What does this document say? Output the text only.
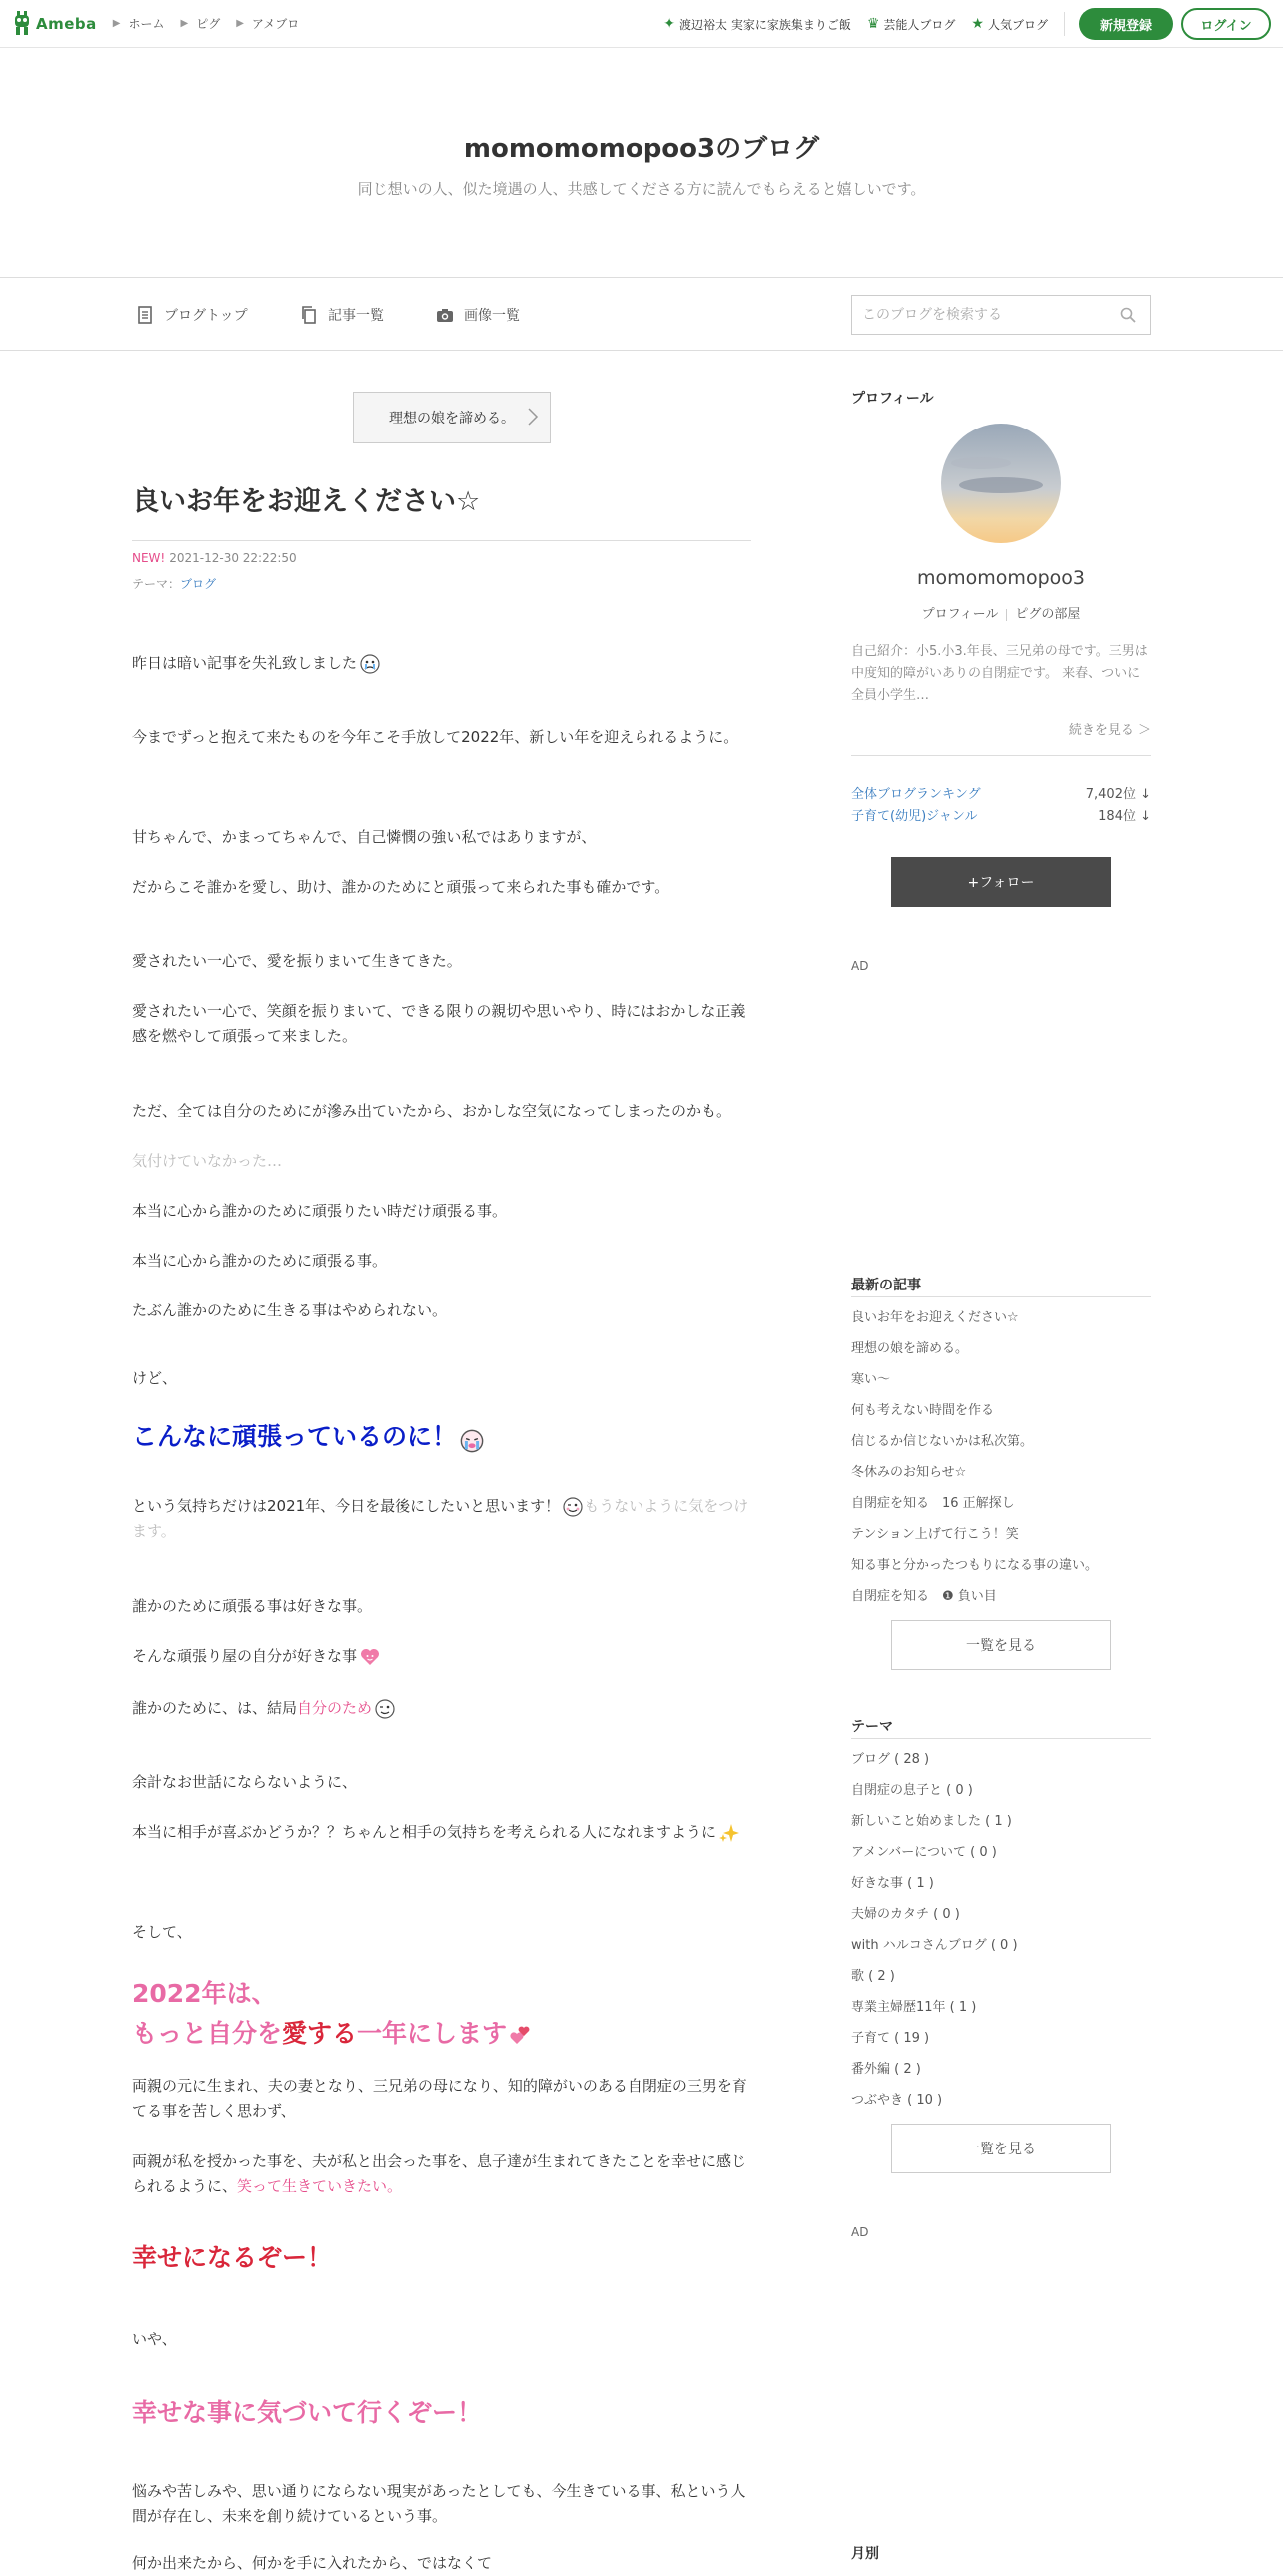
Ameba ▶ ホーム ▶ ピグ ▶ アメブロ	✦ 渡辺裕太 実家に家族集まりご飯 ♛ 芸能人ブログ ★ 人気ブログ	新規登録	ログイン
momomomopoo3のブログ
同じ想いの人、似た境遇の人、共感してくださる方に読んでもらえると嬉しいです。
ブログトップ	記事一覧	画像一覧
このブログを検索する
理想の娘を諦める。
良いお年をお迎えください☆
NEW! 2021-12-30 22:22:50
テーマ：ブログ
昨日は暗い記事を失礼致しました
今までずっと抱えて来たものを今年こそ手放して2022年、新しい年を迎えられるように。
甘ちゃんで、かまってちゃんで、自己憐憫の強い私ではありますが、
だからこそ誰かを愛し、助け、誰かのためにと頑張って来られた事も確かです。
愛されたい一心で、愛を振りまいて生きてきた。
愛されたい一心で、笑顔を振りまいて、できる限りの親切や思いやり、時にはおかしな正義感を燃やして頑張って来ました。
ただ、全ては自分のためにが滲み出ていたから、おかしな空気になってしまったのかも。
気付けていなかった…
本当に心から誰かのために頑張りたい時だけ頑張る事。
本当に心から誰かのために頑張る事。
たぶん誰かのために生きる事はやめられない。
けど、
こんなに頑張っているのに！
という気持ちだけは2021年、今日を最後にしたいと思います！ もうないように気をつけます。
誰かのために頑張る事は好きな事。
そんな頑張り屋の自分が好きな事
誰かのために、は、結局自分のため
余計なお世話にならないように、
本当に相手が喜ぶかどうか？？ちゃんと相手の気持ちを考えられる人になれますように
そして、
2022年は、
もっと自分を愛する一年にします
両親の元に生まれ、夫の妻となり、三兄弟の母になり、知的障がいのある自閉症の三男を育てる事を苦しく思わず、
両親が私を授かった事を、夫が私と出会った事を、息子達が生まれてきたことを幸せに感じられるように、笑って生きていきたい。
幸せになるぞー！
いや、
幸せな事に気づいて行くぞー！
悩みや苦しみや、思い通りにならない現実があったとしても、今生きている事、私という人間が存在し、未来を創り続けているという事。
何か出来たから、何かを手に入れたから、ではなくて
プロフィール
momomomopoo3
プロフィール ピグの部屋
自己紹介：小5.小3.年長、三兄弟の母です。三男は中度知的障がいありの自閉症です。 来春、ついに全員小学生…
続きを見る ＞
全体ブログランキング	7,402位 ↓
子育て(幼児)ジャンル	184位 ↓
+フォロー
AD
最新の記事
良いお年をお迎えください☆
理想の娘を諦める。
寒い〜
何も考えない時間を作る
信じるか信じないかは私次第。
冬休みのお知らせ☆
自閉症を知る　16 正解探し
テンション上げて行こう！笑
知る事と分かったつもりになる事の違い。
自閉症を知る　❶ 負い目
一覧を見る
テーマ
ブログ ( 28 )
自閉症の息子と ( 0 )
新しいこと始めました ( 1 )
アメンバーについて ( 0 )
好きな事 ( 1 )
夫婦のカタチ ( 0 )
with ハルコさんブログ ( 0 )
歌 ( 2 )
専業主婦歴11年 ( 1 )
子育て ( 19 )
番外編 ( 2 )
つぶやき ( 10 )
一覧を見る
AD
月別
